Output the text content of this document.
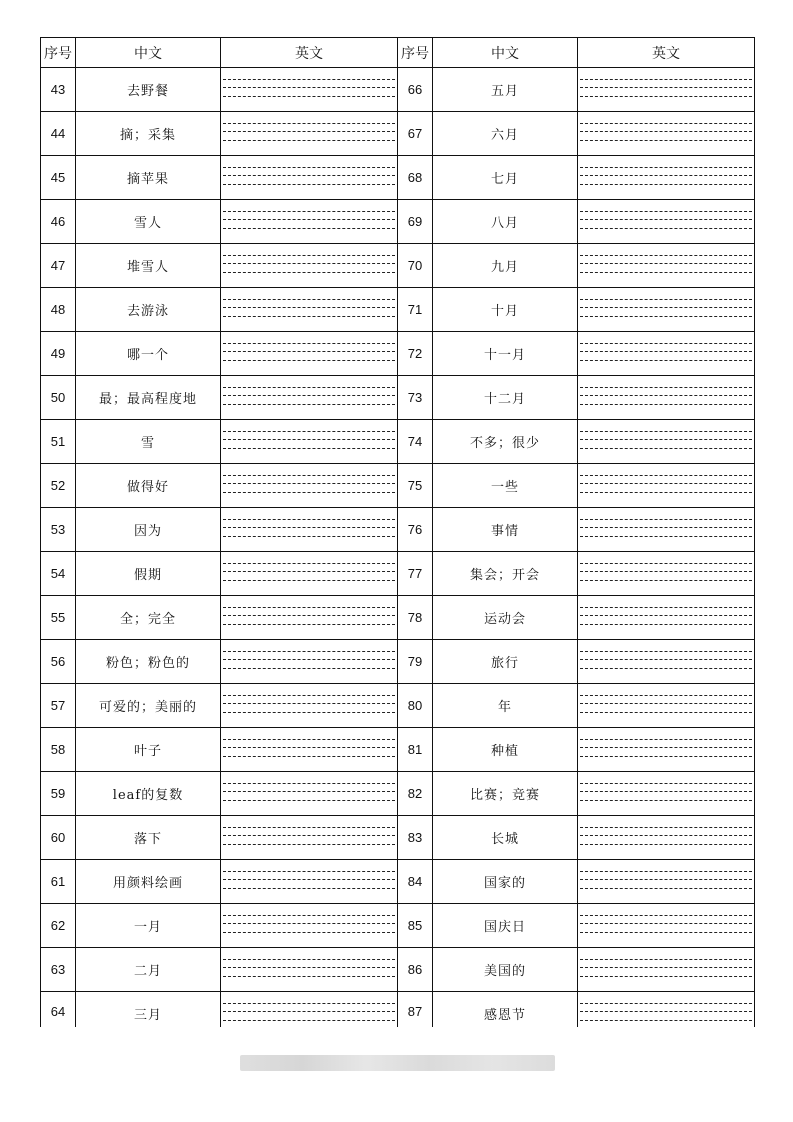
序号	中文	英文	序号	中文	英文
43	去野餐		66	五月	

44	摘；采集		67	六月	

45	摘苹果		68	七月	

46	雪人		69	八月	

47	堆雪人		70	九月	

48	去游泳		71	十月	

49	哪一个		72	十一月	

50	最；最高程度地		73	十二月	

51	雪		74	不多；很少	

52	做得好		75	一些	

53	因为		76	事情	

54	假期		77	集会；开会	

55	全；完全		78	运动会	

56	粉色；粉色的		79	旅行	

57	可爱的；美丽的		80	年	

58	叶子		81	种植	

59	leaf的复数		82	比赛；竞赛	

60	落下		83	长城	

61	用颜料绘画		84	国家的	

62	一月		85	国庆日	

63	二月		86	美国的	

64	三月		87	感恩节	
